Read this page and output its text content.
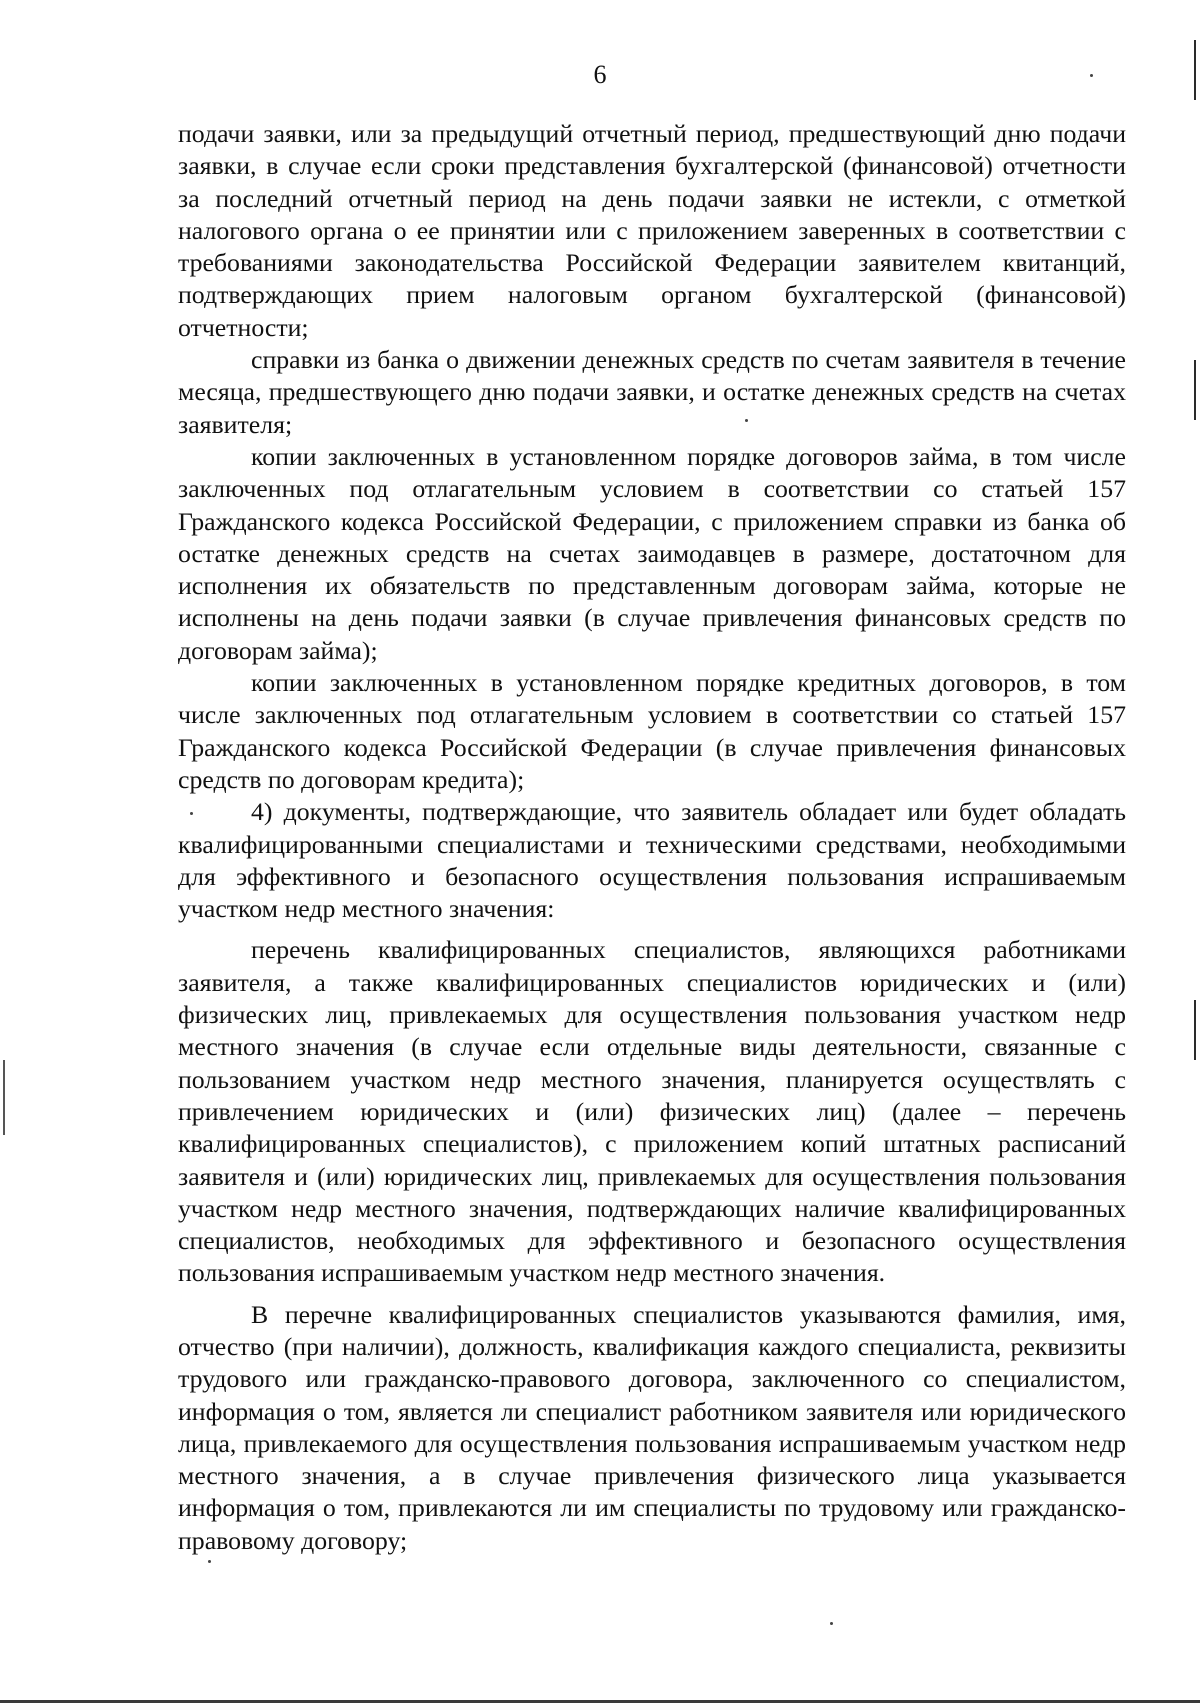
6

подачи заявки, или за предыдущий отчетный период, предшествующий дню подачи заявки, в случае если сроки представления бухгалтерской (финансовой) отчетности за последний отчетный период на день подачи заявки не истекли, с отметкой налогового органа о ее принятии или с приложением заверенных в соответствии с требованиями законодательства Российской Федерации заявителем квитанций, подтверждающих прием налоговым органом бухгалтерской (финансовой) отчетности;

справки из банка о движении денежных средств по счетам заявителя в течение месяца, предшествующего дню подачи заявки, и остатке денежных средств на счетах заявителя;

копии заключенных в установленном порядке договоров займа, в том числе заключенных под отлагательным условием в соответствии со статьей 157 Гражданского кодекса Российской Федерации, с приложением справки из банка об остатке денежных средств на счетах заимодавцев в размере, достаточном для исполнения их обязательств по представленным договорам займа, которые не исполнены на день подачи заявки (в случае привлечения финансовых средств по договорам займа);

копии заключенных в установленном порядке кредитных договоров, в том числе заключенных под отлагательным условием в соответствии со статьей 157 Гражданского кодекса Российской Федерации (в случае привлечения финансовых средств по договорам кредита);

4) документы, подтверждающие, что заявитель обладает или будет обладать квалифицированными специалистами и техническими средствами, необходимыми для эффективного и безопасного осуществления пользования испрашиваемым участком недр местного значения:

перечень квалифицированных специалистов, являющихся работниками заявителя, а также квалифицированных специалистов юридических и (или) физических лиц, привлекаемых для осуществления пользования участком недр местного значения (в случае если отдельные виды деятельности, связанные с пользованием участком недр местного значения, планируется осуществлять с привлечением юридических и (или) физических лиц) (далее – перечень квалифицированных специалистов), с приложением копий штатных расписаний заявителя и (или) юридических лиц, привлекаемых для осуществления пользования участком недр местного значения, подтверждающих наличие квалифицированных специалистов, необходимых для эффективного и безопасного осуществления пользования испрашиваемым участком недр местного значения.

В перечне квалифицированных специалистов указываются фамилия, имя, отчество (при наличии), должность, квалификация каждого специалиста, реквизиты трудового или гражданско-правового договора, заключенного со специалистом, информация о том, является ли специалист работником заявителя или юридического лица, привлекаемого для осуществления пользования испрашиваемым участком недр местного значения, а в случае привлечения физического лица указывается информация о том, привлекаются ли им специалисты по трудовому или гражданско-правовому договору;
